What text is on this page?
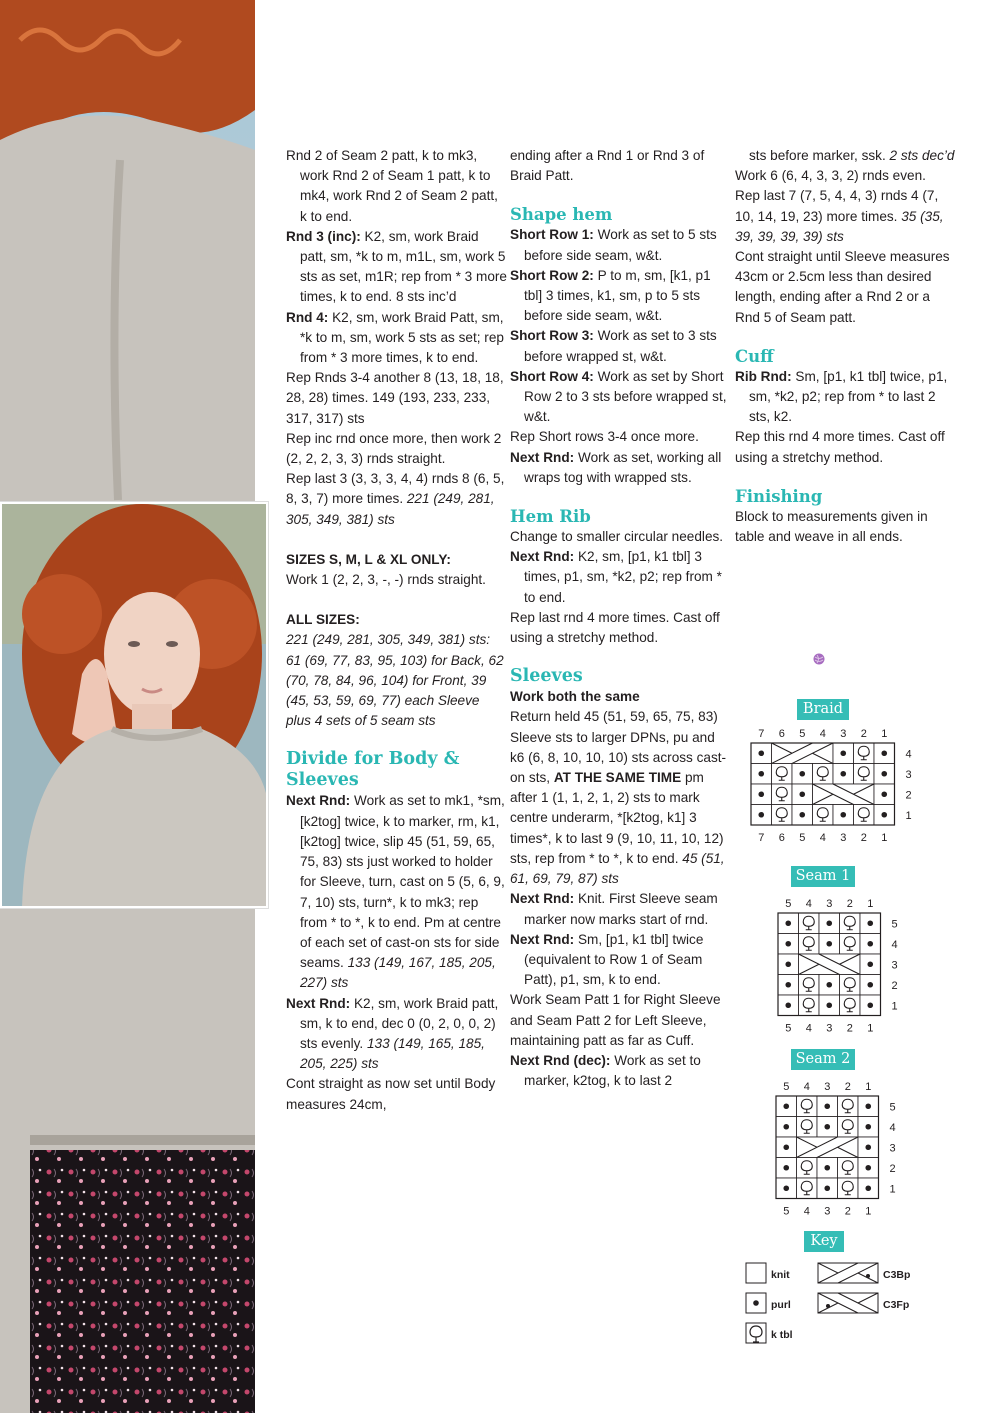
Rnd 2 of Seam 2 patt, k to mk3, work Rnd 2 of Seam 1 patt, k to mk4, work Rnd 2 of Seam 2 patt, k to end.

Rnd 3 (inc): K2, sm, work Braid patt, sm, *k to m, m1L, sm, work 5 sts as set, m1R; rep from * 3 more times, k to end. 8 sts inc’d

Rnd 4: K2, sm, work Braid Patt, sm, *k to m, sm, work 5 sts as set; rep from * 3 more times, k to end.

Rep Rnds 3-4 another 8 (13, 18, 18, 28, 28) times. 149 (193, 233, 233, 317, 317) sts

Rep inc rnd once more, then work 2 (2, 2, 2, 3, 3) rnds straight.

Rep last 3 (3, 3, 3, 4, 4) rnds 8 (6, 5, 8, 3, 7) more times. 221 (249, 281, 305, 349, 381) sts

SIZES S, M, L & XL ONLY:

Work 1 (2, 2, 3, -, -) rnds straight.

ALL SIZES:

221 (249, 281, 305, 349, 381) sts: 61 (69, 77, 83, 95, 103) for Back, 62 (70, 78, 84, 96, 104) for Front, 39 (45, 53, 59, 69, 77) each Sleeve plus 4 sets of 5 seam sts

Divide for Body & Sleeves

Next Rnd: Work as set to mk1, *sm, [k2tog] twice, k to marker, rm, k1, [k2tog] twice, slip 45 (51, 59, 65, 75, 83) sts just worked to holder for Sleeve, turn, cast on 5 (5, 6, 9, 7, 10) sts, turn*, k to mk3; rep from * to *, k to end. Pm at centre of each set of cast-on sts for side seams. 133 (149, 167, 185, 205, 227) sts

Next Rnd: K2, sm, work Braid patt, sm, k to end, dec 0 (0, 2, 0, 0, 2) sts evenly. 133 (149, 165, 185, 205, 225) sts

Cont straight as now set until Body measures 24cm,

ending after a Rnd 1 or Rnd 3 of Braid Patt.

Shape hem

Short Row 1: Work as set to 5 sts before side seam, w&t.

Short Row 2: P to m, sm, [k1, p1 tbl] 3 times, k1, sm, p to 5 sts before side seam, w&t.

Short Row 3: Work as set to 3 sts before wrapped st, w&t.

Short Row 4: Work as set by Short Row 2 to 3 sts before wrapped st, w&t.

Rep Short rows 3-4 once more.

Next Rnd: Work as set, working all wraps tog with wrapped sts.

Hem Rib

Change to smaller circular needles.

Next Rnd: K2, sm, [p1, k1 tbl] 3 times, p1, sm, *k2, p2; rep from * to end.

Rep last rnd 4 more times. Cast off using a stretchy method.

Sleeves

Work both the same

Return held 45 (51, 59, 65, 75, 83) Sleeve sts to larger DPNs, pu and k6 (6, 8, 10, 10, 10) sts across cast-on sts, AT THE SAME TIME pm after 1 (1, 1, 2, 1, 2) sts to mark centre underarm, *[k2tog, k1] 3 times*, k to last 9 (9, 10, 11, 10, 12) sts, rep from * to *, k to end. 45 (51, 61, 69, 79, 87) sts

Next Rnd: Knit. First Sleeve seam marker now marks start of rnd.

Next Rnd: Sm, [p1, k1 tbl] twice (equivalent to Row 1 of Seam Patt), p1, sm, k to end.

Work Seam Patt 1 for Right Sleeve and Seam Patt 2 for Left Sleeve, maintaining patt as far as Cuff.

Next Rnd (dec): Work as set to marker, k2tog, k to last 2

sts before marker, ssk. 2 sts dec’d

Work 6 (6, 4, 3, 3, 2) rnds even.

Rep last 7 (7, 5, 4, 4, 3) rnds 4 (7, 10, 14, 19, 23) more times. 35 (35, 39, 39, 39, 39) sts

Cont straight until Sleeve measures 43cm or 2.5cm less than desired length, ending after a Rnd 2 or a Rnd 5 of Seam patt.

Cuff

Rib Rnd: Sm, [p1, k1 tbl] twice, p1, sm, *k2, p2; rep from * to last 2 sts, k2.

Rep this rnd 4 more times. Cast off using a stretchy method.

Finishing

Block to measurements given in table and weave in all ends.

Braid
Seam 1
Seam 2
Key
7
7
6
6
5
5
4
4
3
3
2
2
1
1
4
3
2
1
5
5
4
4
3
3
2
2
1
1
5
4
3
2
1
5
5
4
4
3
3
2
2
1
1
5
4
3
2
1
knit
purl
k tbl
C3Bp
C3Fp
